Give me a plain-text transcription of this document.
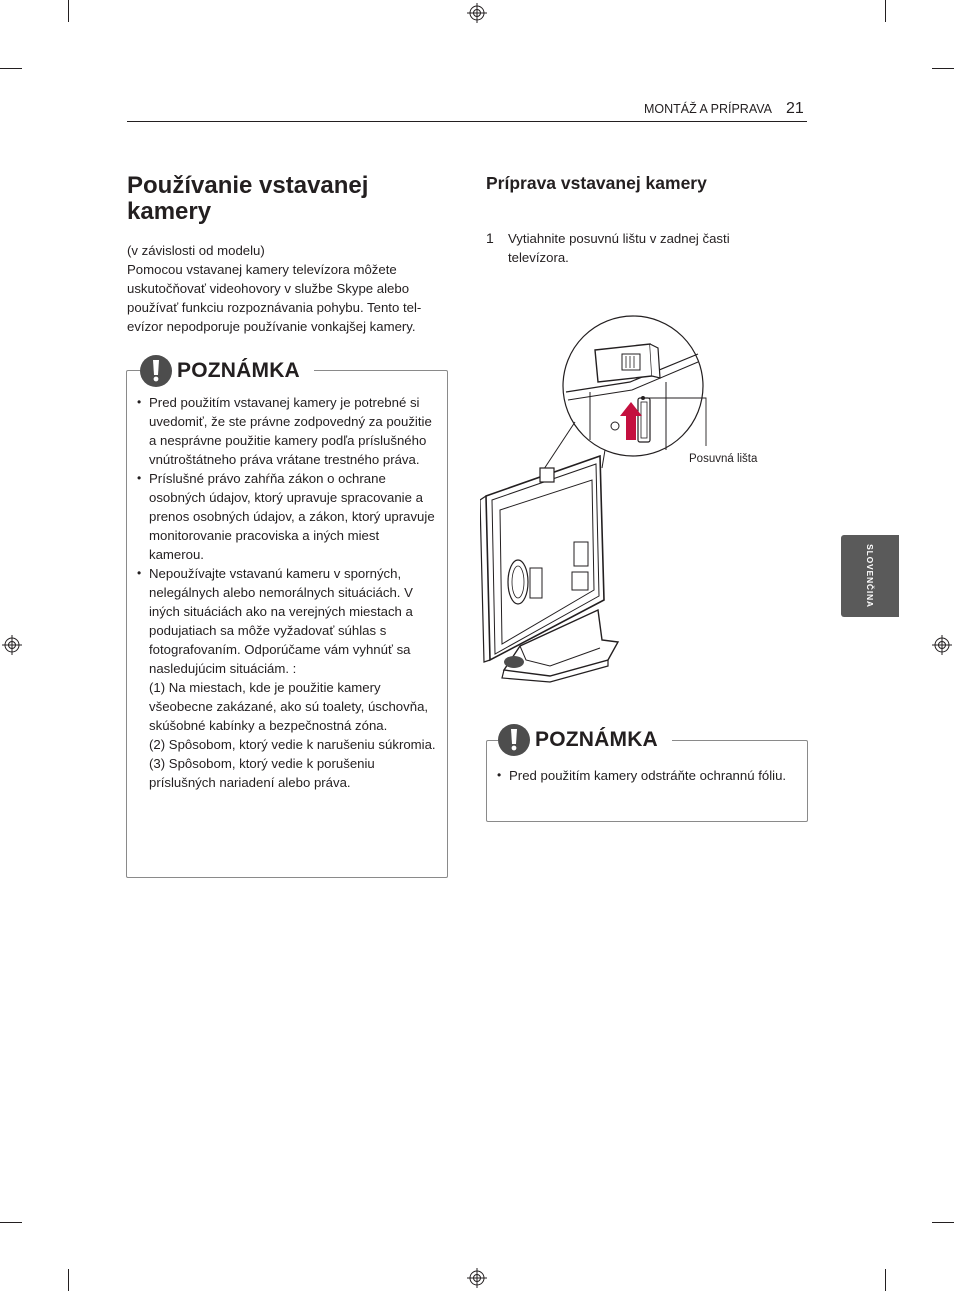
MONTÁŽ A PRÍPRAVA 21
SLOVENČINA
Používanie vstavanej
kamery

(v závislosti od modelu)

Pomocou vstavanej kamery televízora môžete uskutočňovať videohovory v službe Skype alebo používať funkciu rozpoznávania pohybu. Tento tel-evízor nepodporuje používanie vonkajšej kamery.

• Pred použitím vstavanej kamery je potrebné si uvedomiť, že ste právne zodpovedný za použitie a nesprávne použitie kamery podľa príslušného vnútroštátneho práva vrátane trestného práva.
• Príslušné právo zahŕňa zákon o ochrane osobných údajov, ktorý upravuje spracovanie a prenos osobných údajov, a zákon, ktorý upravuje monitorovanie pracoviska a iných miest kamerou.
• Nepoužívajte vstavanú kameru v sporných, nelegálnych alebo nemorálnych situáciách. V iných situáciách ako na verejných miestach a podujatiach sa môže vyžadovať súhlas s fotografovaním. Odporúčame vám vyhnúť sa nasledujúcim situáciám. :
(1) Na miestach, kde je použitie kamery všeobecne zakázané, ako sú toalety, úschovňa, skúšobné kabínky a bezpečnostná zóna.
(2) Spôsobom, ktorý vedie k narušeniu súkromia.
(3) Spôsobom, ktorý vedie k porušeniu príslušných nariadení alebo práva.
POZNÁMKA
Príprava vstavanej kamery
1 Vytiahnite posuvnú lištu v zadnej časti televízora.
Posuvná lišta
• Pred použitím kamery odstráňte ochrannú fóliu.
POZNÁMKA
